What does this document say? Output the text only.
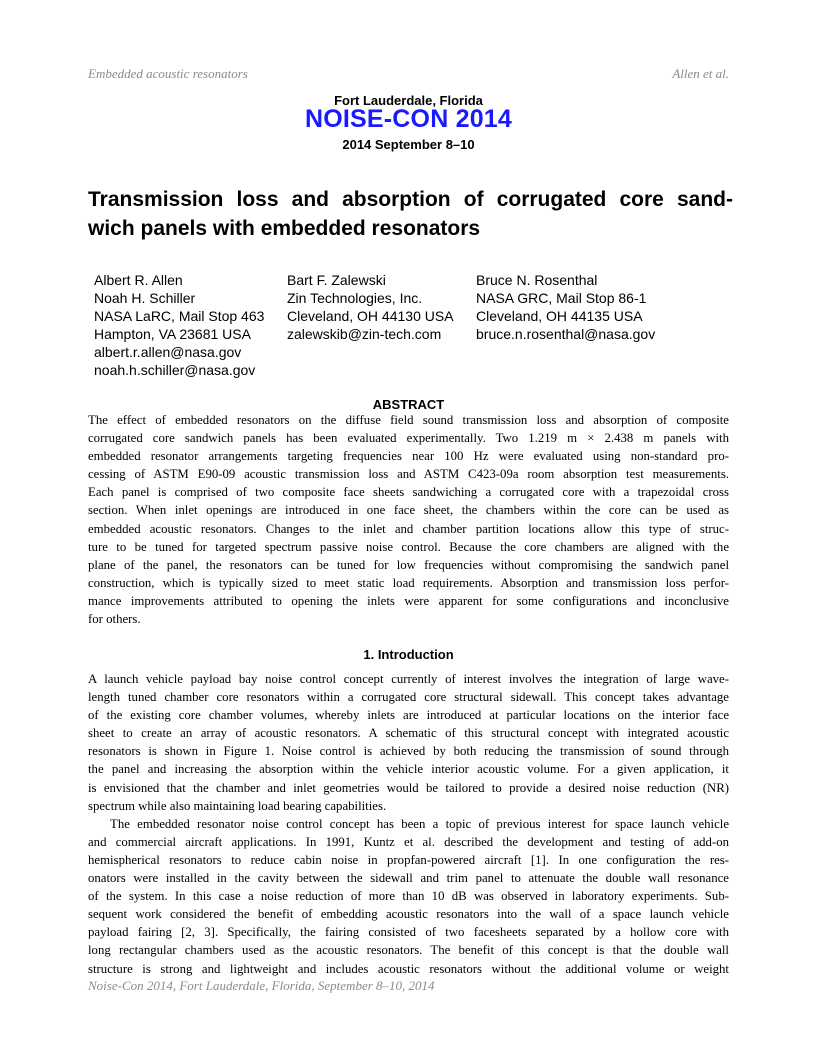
Embedded acoustic resonators	Allen et al.
Fort Lauderdale, Florida
NOISE-CON 2014
2014 September 8–10
Transmission loss and absorption of corrugated core sand- wich panels with embedded resonators
Albert R. Allen
Noah H. Schiller
NASA LaRC, Mail Stop 463
Hampton, VA 23681 USA
albert.r.allen@nasa.gov
noah.h.schiller@nasa.gov
Bart F. Zalewski
Zin Technologies, Inc.
Cleveland, OH 44130 USA
zalewskib@zin-tech.com
Bruce N. Rosenthal
NASA GRC, Mail Stop 86-1
Cleveland, OH 44135 USA
bruce.n.rosenthal@nasa.gov
ABSTRACT
The effect of embedded resonators on the diffuse field sound transmission loss and absorption of composite
corrugated core sandwich panels has been evaluated experimentally. Two 1.219 m × 2.438 m panels with
embedded resonator arrangements targeting frequencies near 100 Hz were evaluated using non-standard pro-
cessing of ASTM E90-09 acoustic transmission loss and ASTM C423-09a room absorption test measurements.
Each panel is comprised of two composite face sheets sandwiching a corrugated core with a trapezoidal cross
section. When inlet openings are introduced in one face sheet, the chambers within the core can be used as
embedded acoustic resonators. Changes to the inlet and chamber partition locations allow this type of struc-
ture to be tuned for targeted spectrum passive noise control. Because the core chambers are aligned with the
plane of the panel, the resonators can be tuned for low frequencies without compromising the sandwich panel
construction, which is typically sized to meet static load requirements. Absorption and transmission loss perfor-
mance improvements attributed to opening the inlets were apparent for some configurations and inconclusive
for others.
1. Introduction
A launch vehicle payload bay noise control concept currently of interest involves the integration of large wave-
length tuned chamber core resonators within a corrugated core structural sidewall. This concept takes advantage
of the existing core chamber volumes, whereby inlets are introduced at particular locations on the interior face
sheet to create an array of acoustic resonators. A schematic of this structural concept with integrated acoustic
resonators is shown in Figure 1. Noise control is achieved by both reducing the transmission of sound through
the panel and increasing the absorption within the vehicle interior acoustic volume. For a given application, it
is envisioned that the chamber and inlet geometries would be tailored to provide a desired noise reduction (NR)
spectrum while also maintaining load bearing capabilities.
The embedded resonator noise control concept has been a topic of previous interest for space launch vehicle
and commercial aircraft applications. In 1991, Kuntz et al. described the development and testing of add-on
hemispherical resonators to reduce cabin noise in propfan-powered aircraft [1]. In one configuration the res-
onators were installed in the cavity between the sidewall and trim panel to attenuate the double wall resonance
of the system. In this case a noise reduction of more than 10 dB was observed in laboratory experiments. Sub-
sequent work considered the benefit of embedding acoustic resonators into the wall of a space launch vehicle
payload fairing [2, 3]. Specifically, the fairing consisted of two facesheets separated by a hollow core with
long rectangular chambers used as the acoustic resonators. The benefit of this concept is that the double wall
structure is strong and lightweight and includes acoustic resonators without the additional volume or weight
Noise-Con 2014, Fort Lauderdale, Florida, September 8–10, 2014
